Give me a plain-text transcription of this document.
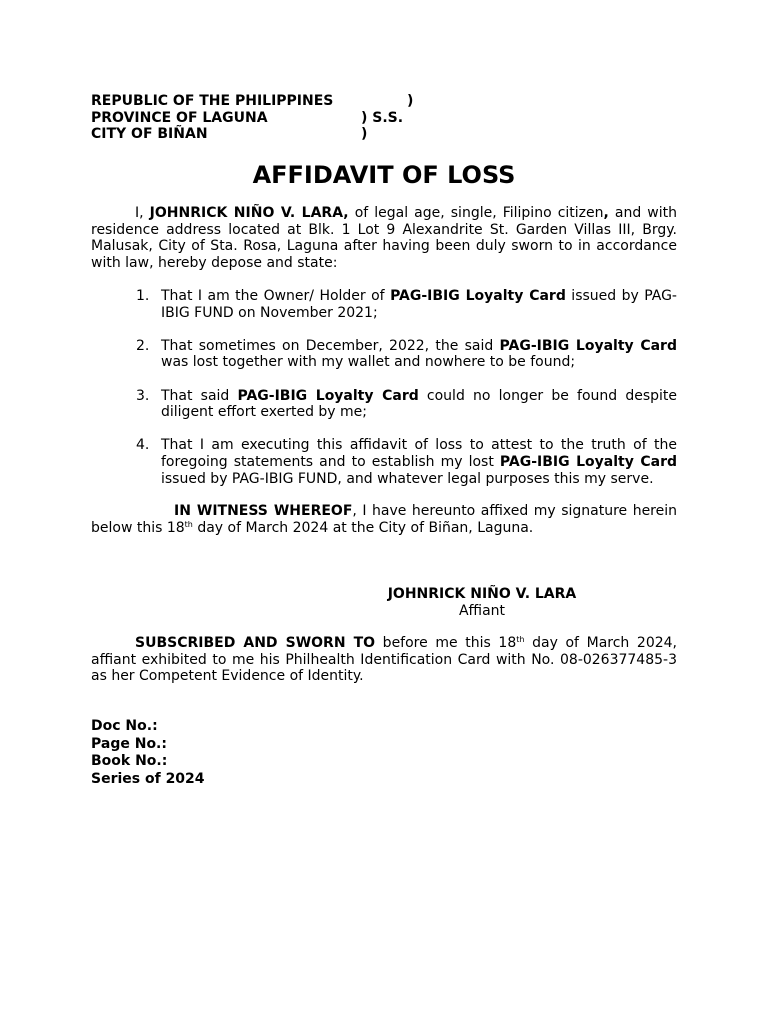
REPUBLIC OF THE PHILIPPINES	)
PROVINCE OF LAGUNA	) S.S.
CITY OF BIÑAN	)
AFFIDAVIT OF LOSS

I, JOHNRICK NIÑO V. LARA, of legal age, single, Filipino citizen, and with residence address located at Blk. 1 Lot 9 Alexandrite St. Garden Villas III, Brgy. Malusak, City of Sta. Rosa, Laguna after having been duly sworn to in accordance with law, hereby depose and state:

1. That I am the Owner/ Holder of PAG-IBIG Loyalty Card issued by PAG-IBIG FUND on November 2021;
2. That sometimes on December, 2022, the said PAG-IBIG Loyalty Card was lost together with my wallet and nowhere to be found;
3. That said PAG-IBIG Loyalty Card could no longer be found despite diligent effort exerted by me;
4. That I am executing this affidavit of loss to attest to the truth of the foregoing statements and to establish my lost PAG-IBIG Loyalty Card issued by PAG-IBIG FUND, and whatever legal purposes this my serve.

IN WITNESS WHEREOF, I have hereunto affixed my signature herein below this 18th day of March 2024 at the City of Biñan, Laguna.

JOHNRICK NIÑO V. LARA
Affiant

SUBSCRIBED AND SWORN TO before me this 18th day of March 2024, affiant exhibited to me his Philhealth Identification Card with No. 08-026377485-3 as her Competent Evidence of Identity.

Doc No.:
Page No.:
Book No.:
Series of 2024
